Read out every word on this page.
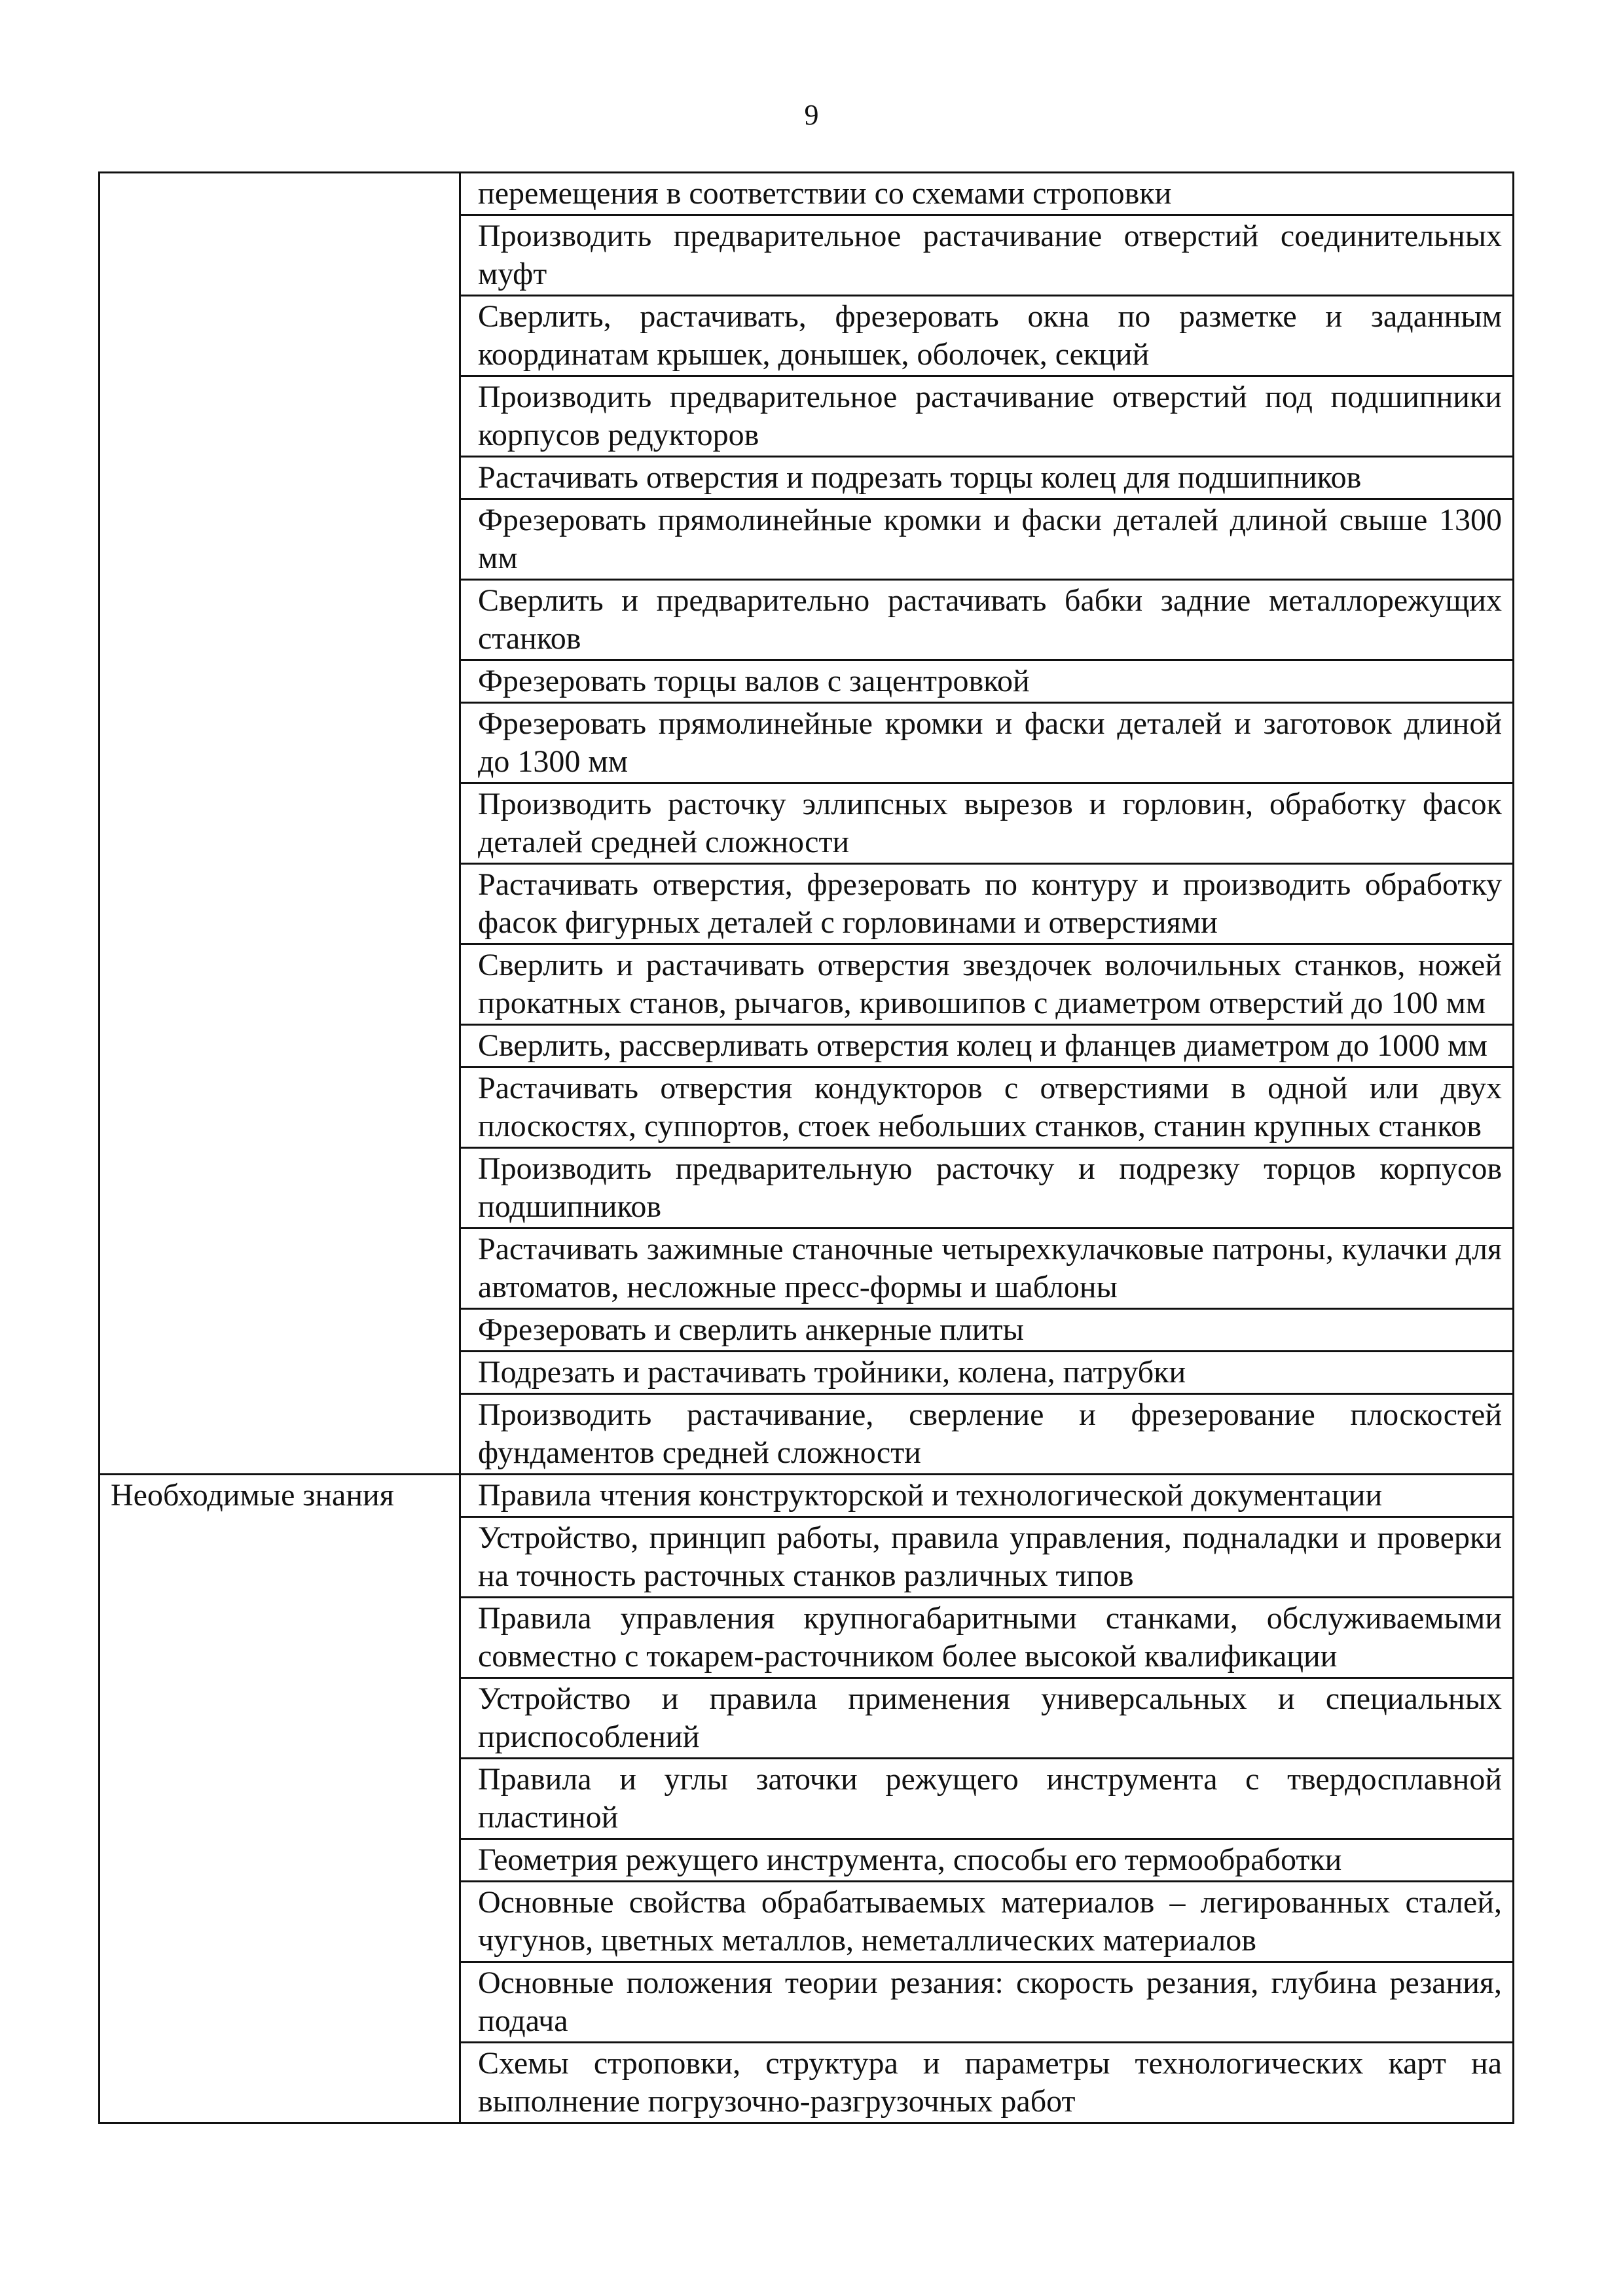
9
	перемещения в соответствии со схемами строповки
	Производить предварительное растачивание отверстий соединительных муфт
	Сверлить, растачивать, фрезеровать окна по разметке и заданным координатам крышек, донышек, оболочек, секций
	Производить предварительное растачивание отверстий под подшипники корпусов редукторов
	Растачивать отверстия и подрезать торцы колец для подшипников
	Фрезеровать прямолинейные кромки и фаски деталей длиной свыше 1300 мм
	Сверлить и предварительно растачивать бабки задние металлорежущих станков
	Фрезеровать торцы валов с зацентровкой
	Фрезеровать прямолинейные кромки и фаски деталей и заготовок длиной до 1300 мм
	Производить расточку эллипсных вырезов и горловин, обработку фасок деталей средней сложности
	Растачивать отверстия, фрезеровать по контуру и производить обработку фасок фигурных деталей с горловинами и отверстиями
	Сверлить и растачивать отверстия звездочек волочильных станков, ножей прокатных станов, рычагов, кривошипов с диаметром отверстий до 100 мм
	Сверлить, рассверливать отверстия колец и фланцев диаметром до 1000 мм
	Растачивать отверстия кондукторов с отверстиями в одной или двух плоскостях, суппортов, стоек небольших станков, станин крупных станков
	Производить предварительную расточку и подрезку торцов корпусов подшипников
	Растачивать зажимные станочные четырехкулачковые патроны, кулачки для автоматов, несложные пресс-формы и шаблоны
	Фрезеровать и сверлить анкерные плиты
	Подрезать и растачивать тройники, колена, патрубки
	Производить растачивание, сверление и фрезерование плоскостей фундаментов средней сложности
Необходимые знания	Правила чтения конструкторской и технологической документации
	Устройство, принцип работы, правила управления, подналадки и проверки на точность расточных станков различных типов
	Правила управления крупногабаритными станками, обслуживаемыми совместно с токарем-расточником более высокой квалификации
	Устройство и правила применения универсальных и специальных приспособлений
	Правила и углы заточки режущего инструмента с твердосплавной пластиной
	Геометрия режущего инструмента, способы его термообработки
	Основные свойства обрабатываемых материалов – легированных сталей, чугунов, цветных металлов, неметаллических материалов
	Основные положения теории резания: скорость резания, глубина резания, подача
	Схемы строповки, структура и параметры технологических карт на выполнение погрузочно-разгрузочных работ
